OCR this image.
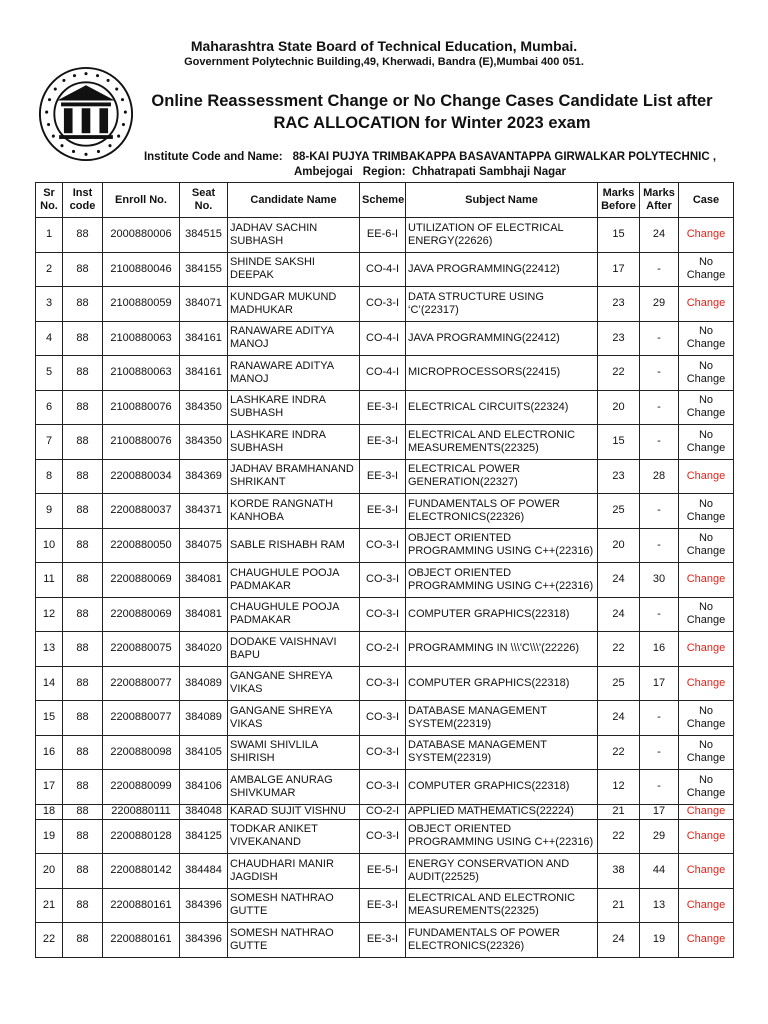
Maharashtra State Board of Technical Education, Mumbai.
Government Polytechnic Building,49, Kherwadi, Bandra (E),Mumbai 400 051.
Online Reassessment Change or No Change Cases Candidate List after
RAC ALLOCATION for Winter 2023 exam
Institute Code and Name: 88-KAI PUJYA TRIMBAKAPPA BASAVANTAPPA GIRWALKAR POLYTECHNIC ,
Ambejogai Region: Chhatrapati Sambhaji Nagar
Sr No.	Inst code	Enroll No.	Seat No.	Candidate Name	Scheme	Subject Name	Marks Before	Marks After	Case
1	88	2000880006	384515	JADHAV SACHIN SUBHASH	EE-6-I	UTILIZATION OF ELECTRICAL ENERGY(22626)	15	24	Change
2	88	2100880046	384155	SHINDE SAKSHI DEEPAK	CO-4-I	JAVA PROGRAMMING(22412)	17	-	No Change
3	88	2100880059	384071	KUNDGAR MUKUND MADHUKAR	CO-3-I	DATA STRUCTURE USING ‘C’(22317)	23	29	Change
4	88	2100880063	384161	RANAWARE ADITYA MANOJ	CO-4-I	JAVA PROGRAMMING(22412)	23	-	No Change
5	88	2100880063	384161	RANAWARE ADITYA MANOJ	CO-4-I	MICROPROCESSORS(22415)	22	-	No Change
6	88	2100880076	384350	LASHKARE INDRA SUBHASH	EE-3-I	ELECTRICAL CIRCUITS(22324)	20	-	No Change
7	88	2100880076	384350	LASHKARE INDRA SUBHASH	EE-3-I	ELECTRICAL AND ELECTRONIC MEASUREMENTS(22325)	15	-	No Change
8	88	2200880034	384369	JADHAV BRAMHANAND SHRIKANT	EE-3-I	ELECTRICAL POWER GENERATION(22327)	23	28	Change
9	88	2200880037	384371	KORDE RANGNATH KANHOBA	EE-3-I	FUNDAMENTALS OF POWER ELECTRONICS(22326)	25	-	No Change
10	88	2200880050	384075	SABLE RISHABH RAM	CO-3-I	OBJECT ORIENTED PROGRAMMING USING C++(22316)	20	-	No Change
11	88	2200880069	384081	CHAUGHULE POOJA PADMAKAR	CO-3-I	OBJECT ORIENTED PROGRAMMING USING C++(22316)	24	30	Change
12	88	2200880069	384081	CHAUGHULE POOJA PADMAKAR	CO-3-I	COMPUTER GRAPHICS(22318)	24	-	No Change
13	88	2200880075	384020	DODAKE VAISHNAVI BAPU	CO-2-I	PROGRAMMING IN \\\'C\\\'(22226)	22	16	Change
14	88	2200880077	384089	GANGANE SHREYA VIKAS	CO-3-I	COMPUTER GRAPHICS(22318)	25	17	Change
15	88	2200880077	384089	GANGANE SHREYA VIKAS	CO-3-I	DATABASE MANAGEMENT SYSTEM(22319)	24	-	No Change
16	88	2200880098	384105	SWAMI SHIVLILA SHIRISH	CO-3-I	DATABASE MANAGEMENT SYSTEM(22319)	22	-	No Change
17	88	2200880099	384106	AMBALGE ANURAG SHIVKUMAR	CO-3-I	COMPUTER GRAPHICS(22318)	12	-	No Change
18	88	2200880111	384048	KARAD SUJIT VISHNU	CO-2-I	APPLIED MATHEMATICS(22224)	21	17	Change
19	88	2200880128	384125	TODKAR ANIKET VIVEKANAND	CO-3-I	OBJECT ORIENTED PROGRAMMING USING C++(22316)	22	29	Change
20	88	2200880142	384484	CHAUDHARI MANIR JAGDISH	EE-5-I	ENERGY CONSERVATION AND AUDIT(22525)	38	44	Change
21	88	2200880161	384396	SOMESH NATHRAO GUTTE	EE-3-I	ELECTRICAL AND ELECTRONIC MEASUREMENTS(22325)	21	13	Change
22	88	2200880161	384396	SOMESH NATHRAO GUTTE	EE-3-I	FUNDAMENTALS OF POWER ELECTRONICS(22326)	24	19	Change
